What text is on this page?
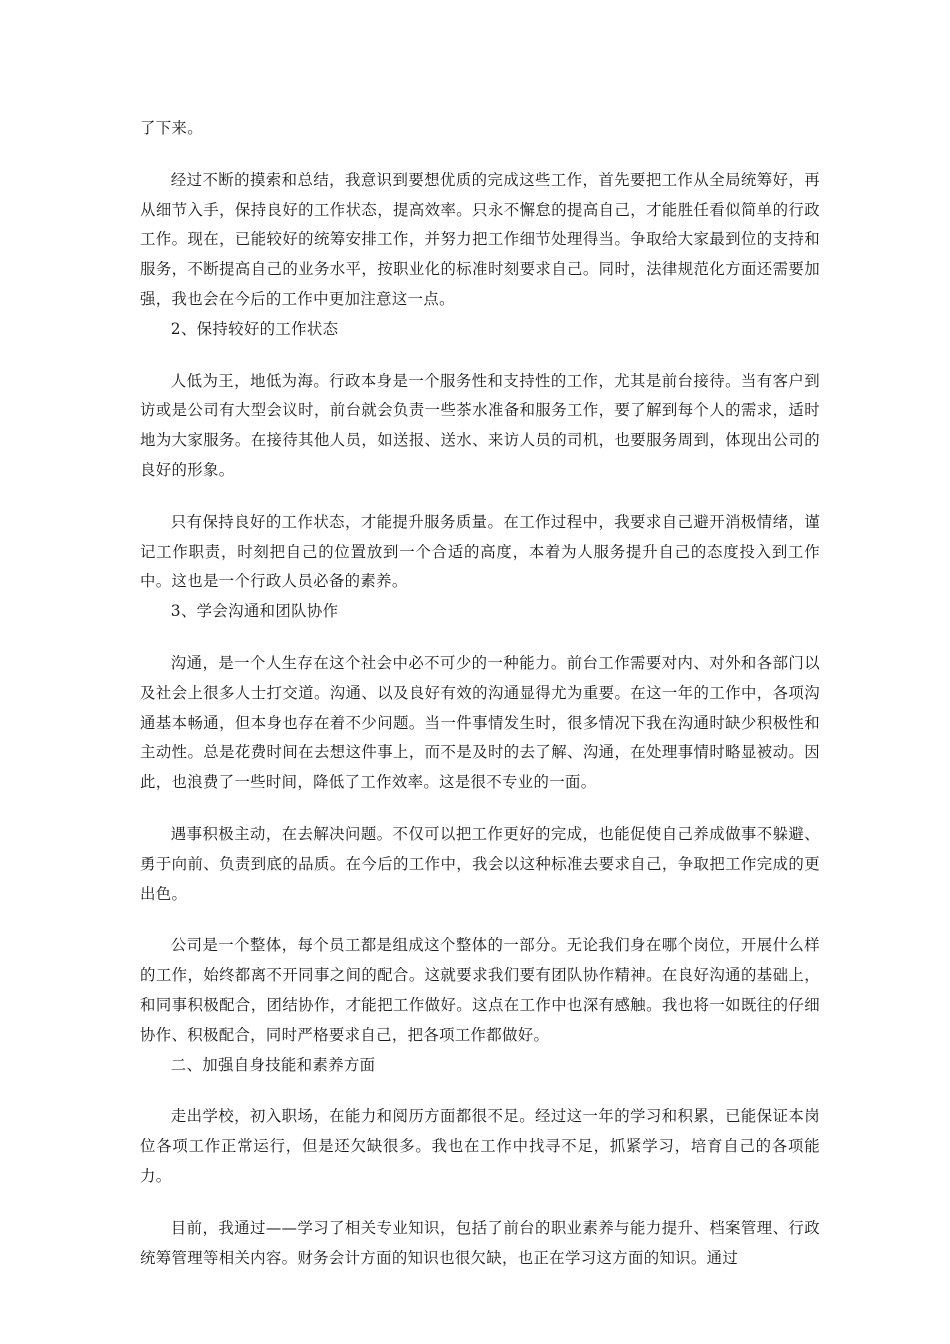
了下来。

经过不断的摸索和总结，我意识到要想优质的完成这些工作，首先要把工作从全局统筹好，再从细节入手，保持良好的工作状态，提高效率。只永不懈怠的提高自己，才能胜任看似简单的行政工作。现在，已能较好的统筹安排工作，并努力把工作细节处理得当。争取给大家最到位的支持和服务，不断提高自己的业务水平，按职业化的标准时刻要求自己。同时，法律规范化方面还需要加强，我也会在今后的工作中更加注意这一点。

2、保持较好的工作状态

人低为王，地低为海。行政本身是一个服务性和支持性的工作，尤其是前台接待。当有客户到访或是公司有大型会议时，前台就会负责一些茶水准备和服务工作，要了解到每个人的需求，适时地为大家服务。在接待其他人员，如送报、送水、来访人员的司机，也要服务周到，体现出公司的良好的形象。

只有保持良好的工作状态，才能提升服务质量。在工作过程中，我要求自己避开消极情绪，谨记工作职责，时刻把自己的位置放到一个合适的高度，本着为人服务提升自己的态度投入到工作中。这也是一个行政人员必备的素养。

3、学会沟通和团队协作

沟通，是一个人生存在这个社会中必不可少的一种能力。前台工作需要对内、对外和各部门以及社会上很多人士打交道。沟通、以及良好有效的沟通显得尤为重要。在这一年的工作中，各项沟通基本畅通，但本身也存在着不少问题。当一件事情发生时，很多情况下我在沟通时缺少积极性和主动性。总是花费时间在去想这件事上，而不是及时的去了解、沟通，在处理事情时略显被动。因此，也浪费了一些时间，降低了工作效率。这是很不专业的一面。

遇事积极主动，在去解决问题。不仅可以把工作更好的完成，也能促使自己养成做事不躲避、勇于向前、负责到底的品质。在今后的工作中，我会以这种标准去要求自己，争取把工作完成的更出色。

公司是一个整体，每个员工都是组成这个整体的一部分。无论我们身在哪个岗位，开展什么样的工作，始终都离不开同事之间的配合。这就要求我们要有团队协作精神。在良好沟通的基础上，和同事积极配合，团结协作，才能把工作做好。这点在工作中也深有感触。我也将一如既往的仔细协作、积极配合，同时严格要求自己，把各项工作都做好。

二、加强自身技能和素养方面

走出学校，初入职场，在能力和阅历方面都很不足。经过这一年的学习和积累，已能保证本岗位各项工作正常运行，但是还欠缺很多。我也在工作中找寻不足，抓紧学习，培育自己的各项能力。

目前，我通过——学习了相关专业知识，包括了前台的职业素养与能力提升、档案管理、行政统筹管理等相关内容。财务会计方面的知识也很欠缺，也正在学习这方面的知识。通过
